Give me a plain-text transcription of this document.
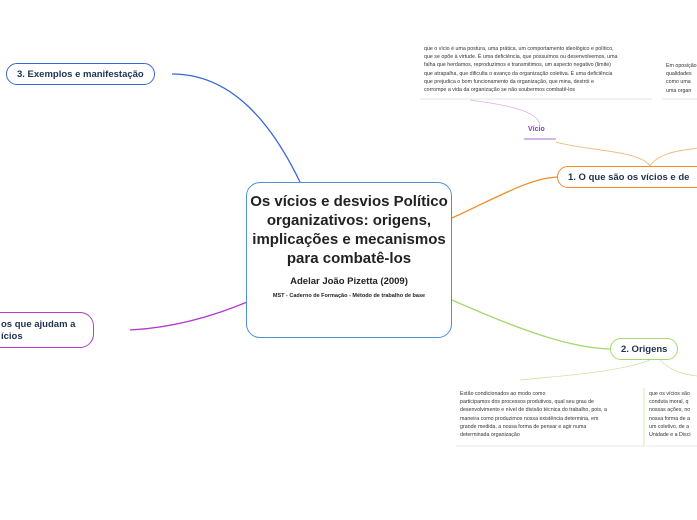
Os vícios e desvios Político organizativos: origens, implicações e mecanismos para combatê-los
Adelar João Pizetta (2009)
MST - Caderno de Formação - Método de trabalho de base
3. Exemplos e manifestação
os que ajudam a
ícios
1. O que são os vícios e de
2. Origens
Vício
que o vício é uma postura, uma prática, um comportamento ideológico e político,
que se opõe à virtude. É uma deficiência, que possuímos ou desenvolvemos, uma
falha que herdamos, reproduzimos e transmitimos, um aspecto negativo (limite)
que atrapalha, que dificulta o avanço da organização coletiva. É uma deficiência
que prejudica o bom funcionamento da organização, que mina, destrói e
corrompe a vida da organização se não soubermos combatê-los
Em oposição
qualidades
como uma
uma organ
Estão condicionados ao modo como
participamos dos processos produtivos, qual seu grau de
desenvolvimento e nível de divisão técnica do trabalho, pois, a
maneira como produzimos nossa existência determina, em
grande medida, a nossa forma de pensar e agir numa
determinada organização
que os vícios são
conduta moral, q
nossas ações, no
nossa forma de a
um coletivo, de a
Unidade e a Disci
